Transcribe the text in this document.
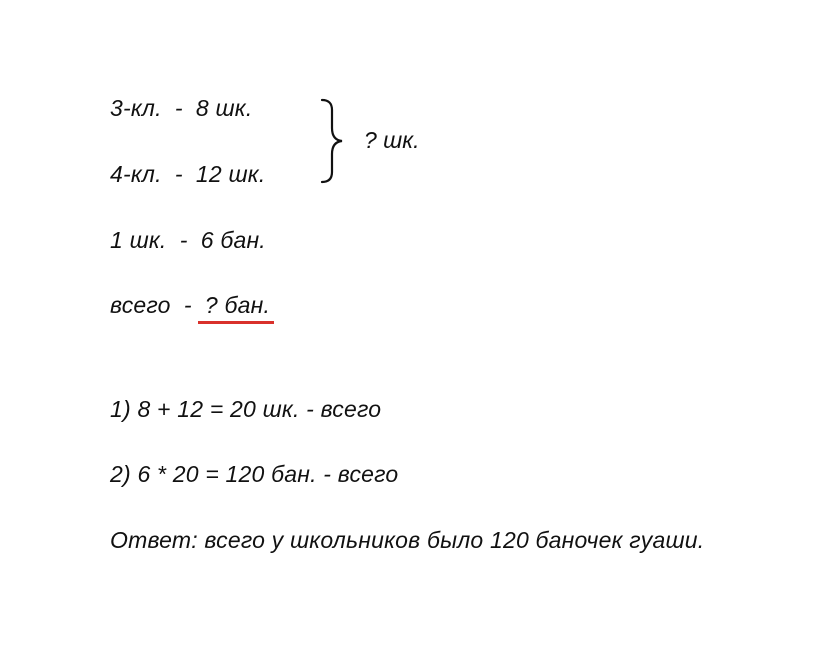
3-кл.  -  8 шк.
4-кл.  -  12 шк.
? шк.
1 шк.  -  6 бан.
всего  -  ? бан.
1) 8 + 12 = 20 шк. - всего
2) 6 * 20 = 120 бан. - всего
Ответ: всего у школьников было 120 баночек гуаши.
